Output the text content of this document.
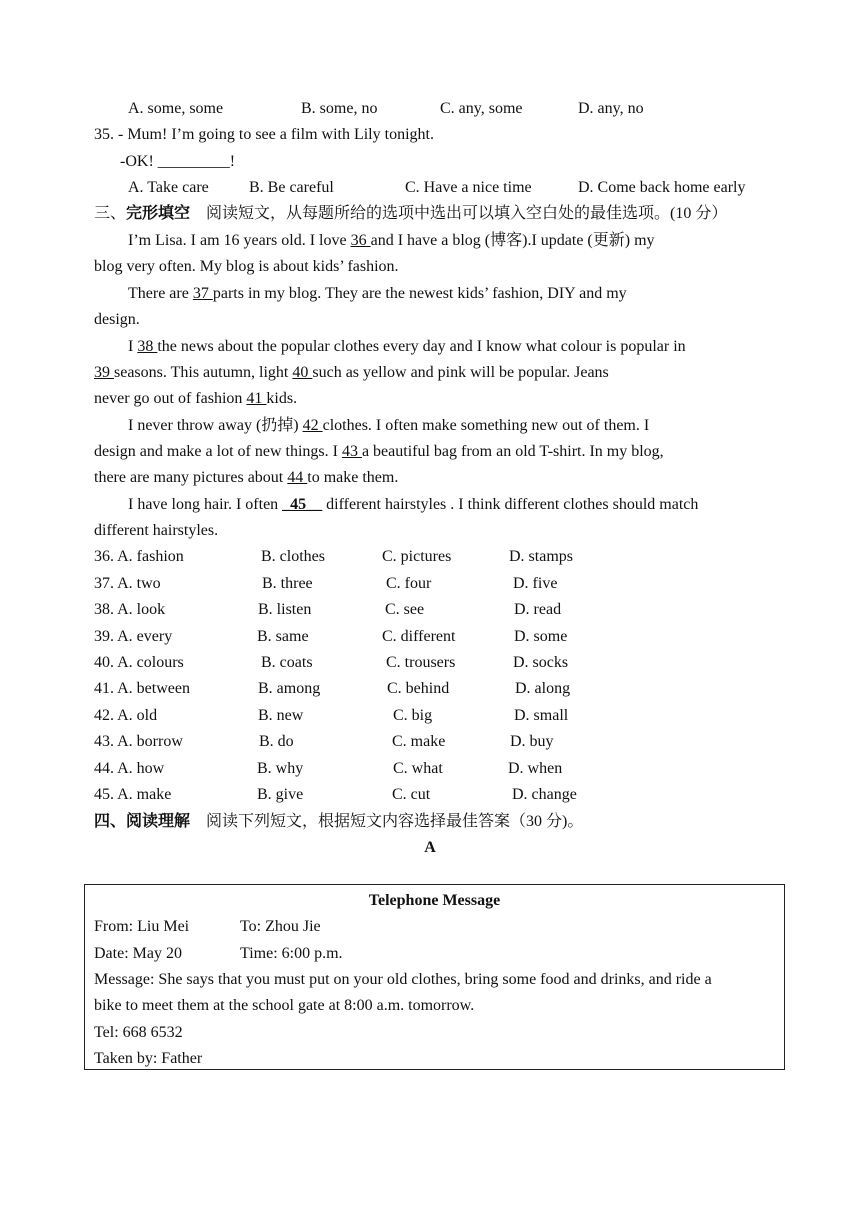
A. some, some	B. some, no	C. any, some	D. any, no
35. - Mum! I’m going to see a film with Lily tonight.
-OK! _________!
A. Take care	B. Be careful	C. Have a nice time	D. Come back home early
三、完形填空 阅读短文，从每题所给的选项中选出可以填入空白处的最佳选项。(10 分）
I’m Lisa. I am 16 years old. I love 36 and I have a blog (博客).I update (更新) my
blog very often. My blog is about kids’ fashion.
There are 37 parts in my blog. They are the newest kids’ fashion, DIY and my
design.
I 38 the news about the popular clothes every day and I know what colour is popular in
39 seasons. This autumn, light 40 such as yellow and pink will be popular. Jeans
never go out of fashion 41 kids.
I never throw away (扔掉) 42 clothes. I often make something new out of them. I
design and make a lot of new things. I 43 a beautiful bag from an old T-shirt. In my blog,
there are many pictures about 44 to make them.
I have long hair. I often _45__ different hairstyles . I think different clothes should match
different hairstyles.
36. A. fashion	B. clothes	C. pictures	D. stamps
37. A. two	B. three	C. four	D. five
38. A. look	B. listen	C. see	D. read
39. A. every	B. same	C. different	D. some
40. A. colours	B. coats	C. trousers	D. socks
41. A. between	B. among	C. behind	D. along
42. A. old	B. new	C. big	D. small
43. A. borrow	B. do	C. make	D. buy
44. A. how	B. why	C. what	D. when
45. A. make	B. give	C. cut	D. change
四、阅读理解 阅读下列短文，根据短文内容选择最佳答案（30 分)。
A
Telephone Message
From: Liu Mei	To: Zhou Jie
Date: May 20	Time: 6:00 p.m.
Message: She says that you must put on your old clothes, bring some food and drinks, and ride a
bike to meet them at the school gate at 8:00 a.m. tomorrow.
Tel: 668 6532
Taken by: Father
